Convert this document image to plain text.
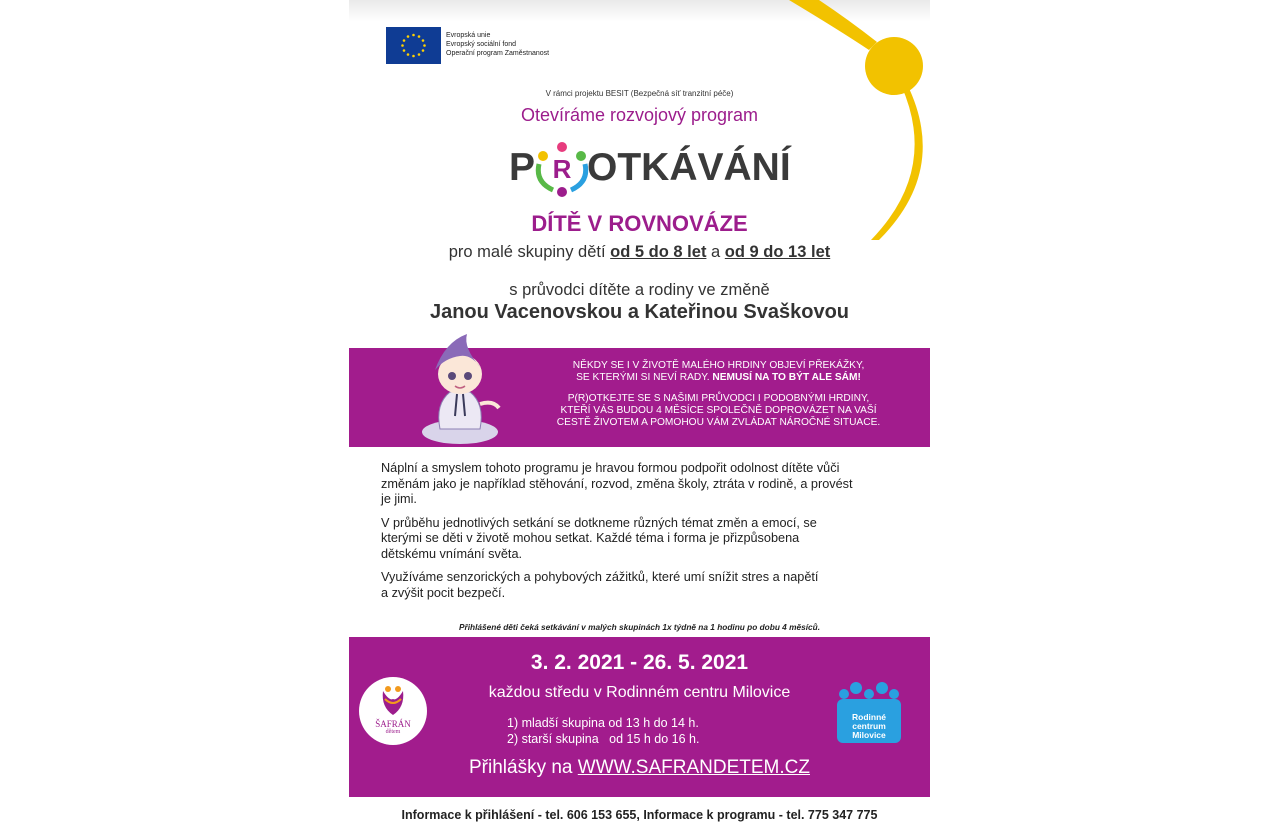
Evropská unie
Evropský sociální fond
Operační program Zaměstnanost
V rámci projektu BESIT (Bezpečná síť tranzitní péče)
Otevíráme rozvojový program
P OTKÁVÁNÍ
R
DÍTĚ V ROVNOVÁZE
pro malé skupiny dětí od 5 do 8 let a od 9 do 13 let
s průvodci dítěte a rodiny ve změně
Janou Vacenovskou a Kateřinou Svaškovou

NĚKDY SE I V ŽIVOTĚ MALÉHO HRDINY OBJEVÍ PŘEKÁŽKY,
SE KTERÝMI SI NEVÍ RADY. NEMUSÍ NA TO BÝT ALE SÁM!

P(R)OTKEJTE SE S NAŠIMI PRŮVODCI I PODOBNÝMI HRDINY,
KTEŘÍ VÁS BUDOU 4 MĚSÍCE SPOLEČNĚ DOPROVÁZET NA VAŠÍ
CESTĚ ŽIVOTEM A POMOHOU VÁM ZVLÁDAT NÁROČNÉ SITUACE.

Náplní a smyslem tohoto programu je hravou formou podpořit odolnost dítěte vůči
změnám jako je například stěhování, rozvod, změna školy, ztráta v rodině, a provést
je jimi.

V průběhu jednotlivých setkání se dotkneme různých témat změn a emocí, se
kterými se děti v životě mohou setkat. Každé téma i forma je přizpůsobena
dětskému vnímání světa.

Využíváme senzorických a pohybových zážitků, které umí snížit stres a napětí
a zvýšit pocit bezpečí.

Přihlášené děti čeká setkávání v malých skupinách 1x týdně na 1 hodinu po dobu 4 měsíců.
ŠAFRÁN
dětem
3. 2. 2021 - 26. 5. 2021
každou středu v Rodinném centru Milovice
1) mladší skupina od 13 h do 14 h.
2) starší skupina   od 15 h do 16 h.
Přihlášky na WWW.SAFRANDETEM.CZ
Rodinné
centrum
Milovice
Informace k přihlášení - tel. 606 153 655, Informace k programu - tel. 775 347 775
